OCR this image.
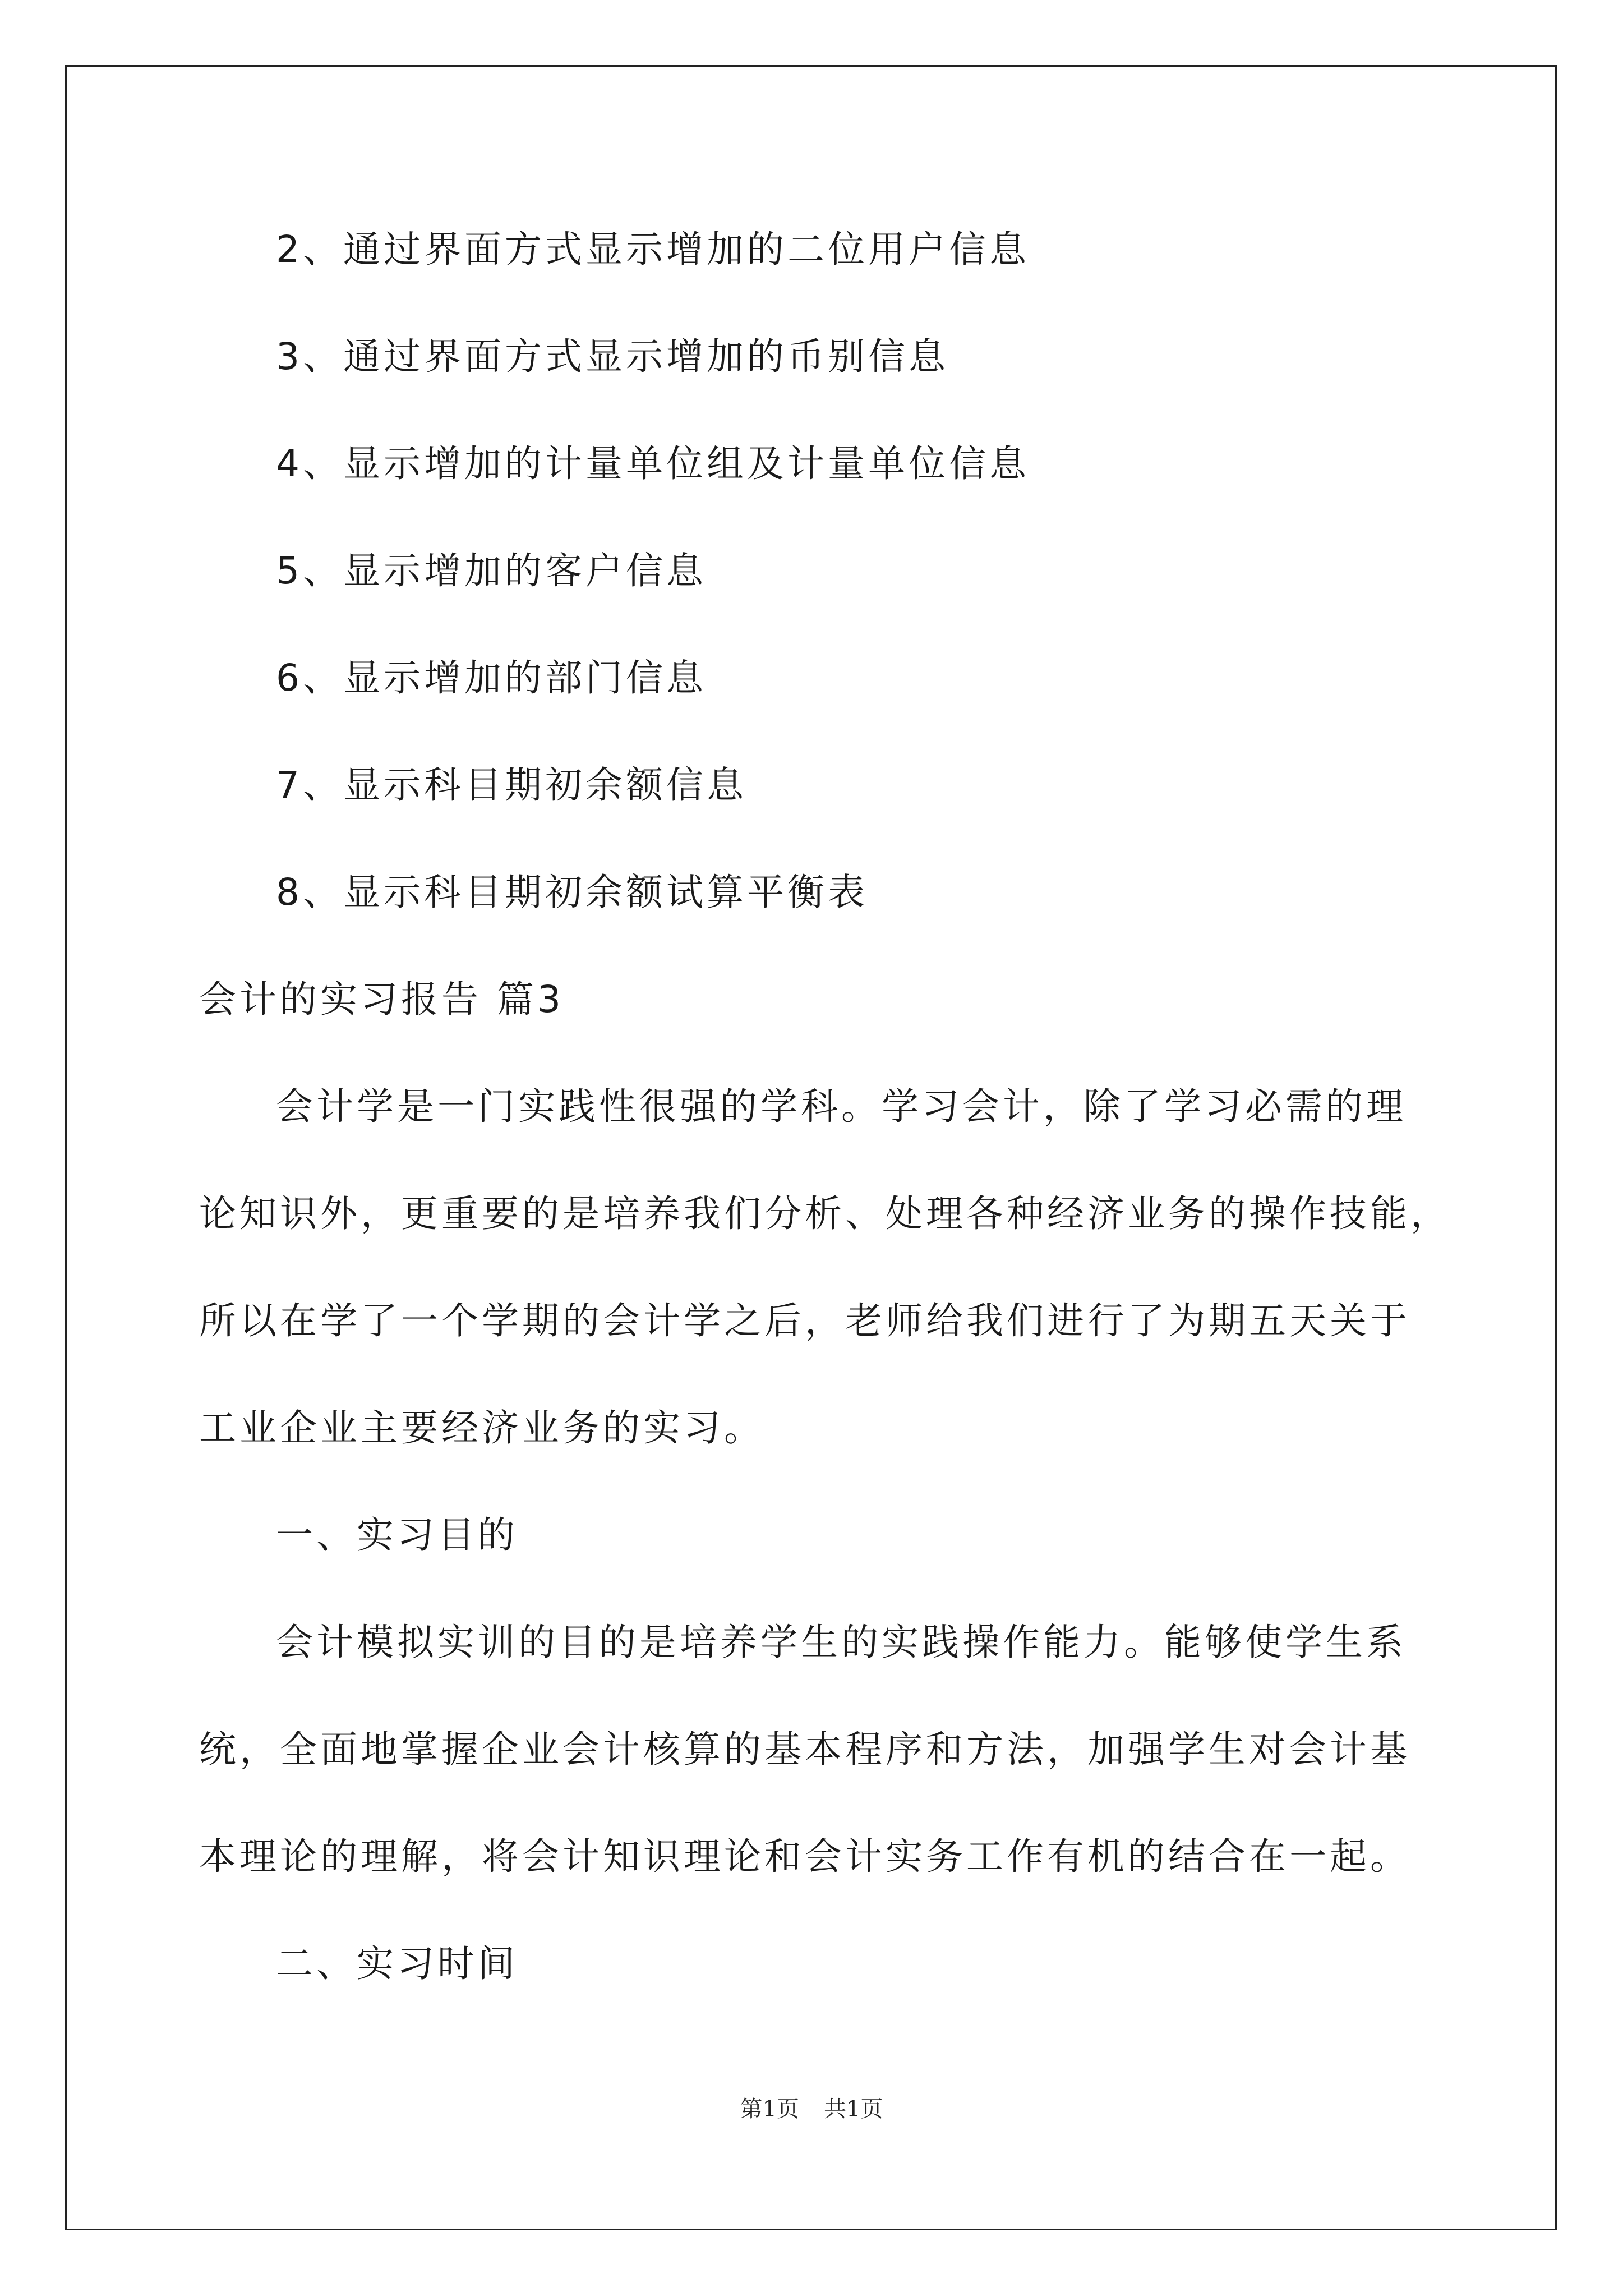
2、通过界面方式显示增加的二位用户信息
3、通过界面方式显示增加的币别信息
4、显示增加的计量单位组及计量单位信息
5、显示增加的客户信息
6、显示增加的部门信息
7、显示科目期初余额信息
8、显示科目期初余额试算平衡表
会计的实习报告 篇3
会计学是一门实践性很强的学科。学习会计，除了学习必需的理
论知识外，更重要的是培养我们分析、处理各种经济业务的操作技能，
所以在学了一个学期的会计学之后，老师给我们进行了为期五天关于
工业企业主要经济业务的实习。
一、实习目的
会计模拟实训的目的是培养学生的实践操作能力。能够使学生系
统，全面地掌握企业会计核算的基本程序和方法，加强学生对会计基
本理论的理解，将会计知识理论和会计实务工作有机的结合在一起。
二、实习时间
第1页 共1页
